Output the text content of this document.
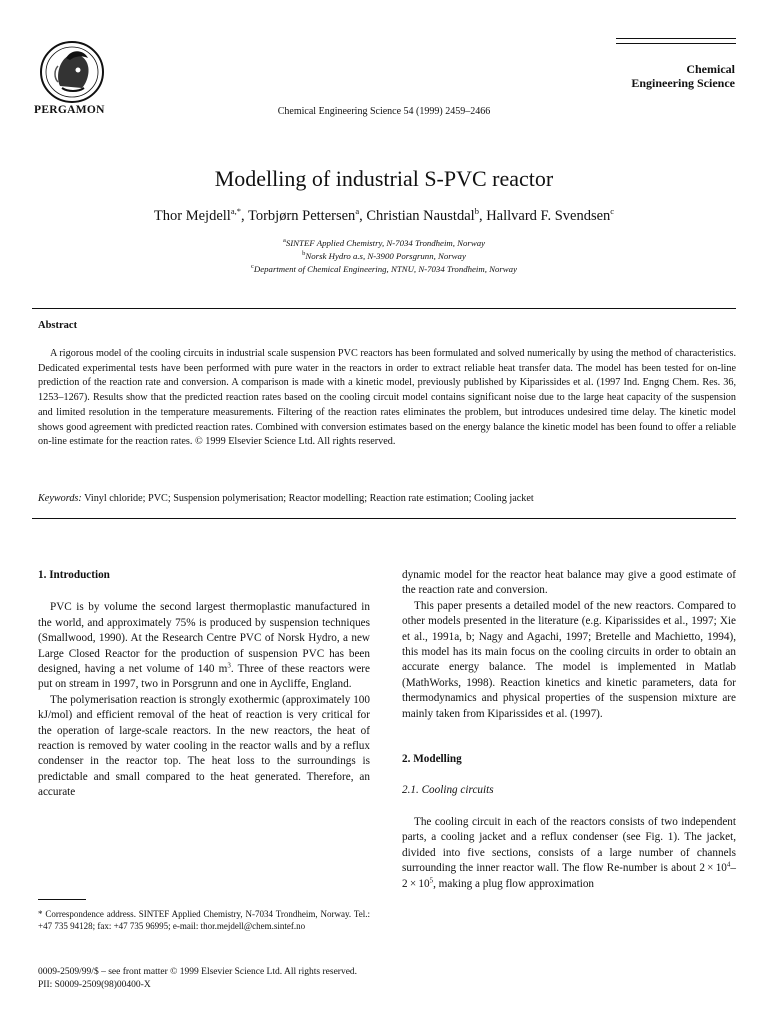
PERGAMON	Chemical Engineering Science 54 (1999) 2459–2466
Chemical
Engineering Science
Modelling of industrial S-PVC reactor
Thor Mejdell$^{a,*}$, Torbjørn Pettersen$^a$, Christian Naustdal$^b$, Hallvard F. Svendsen$^c$
$^a$SINTEF Applied Chemistry, N-7034 Trondheim, Norway
$^b$Norsk Hydro a.s, N-3900 Porsgrunn, Norway
$^c$Department of Chemical Engineering, NTNU, N-7034 Trondheim, Norway
Abstract

A rigorous model of the cooling circuits in industrial scale suspension PVC reactors has been formulated and solved numerically by using the method of characteristics. Dedicated experimental tests have been performed with pure water in the reactors in order to extract reliable heat transfer data. The model has been tested for on-line prediction of the reaction rate and conversion. A comparison is made with a kinetic model, previously published by Kiparissides et al. (1997 Ind. Engng Chem. Res. 36, 1253–1267). Results show that the predicted reaction rates based on the cooling circuit model contains significant noise due to the large heat capacity of the suspension and limited resolution in the temperature measurements. Filtering of the reaction rates eliminates the problem, but introduces undesired time delay. The kinetic model shows good agreement with predicted reaction rates. Combined with conversion estimates based on the energy balance the kinetic model has been found to offer a reliable on-line estimate for the reaction rates. © 1999 Elsevier Science Ltd. All rights reserved.

Keywords: Vinyl chloride; PVC; Suspension polymerisation; Reactor modelling; Reaction rate estimation; Cooling jacket

1. Introduction

PVC is by volume the second largest thermoplastic manufactured in the world, and approximately 75% is produced by suspension techniques (Smallwood, 1990). At the Research Centre PVC of Norsk Hydro, a new Large Closed Reactor for the production of suspension PVC has been designed, having a net volume of 140 $m^3$. Three of these reactors were put on stream in 1997, two in Porsgrunn and one in Aycliffe, England.

The polymerisation reaction is strongly exothermic (approximately 100 kJ/mol) and efficient removal of the heat of reaction is very critical for the operation of large-scale reactors. In the new reactors, the heat of reaction is removed by water cooling in the reactor walls and by a reflux condenser in the reactor top. The heat loss to the surroundings is predictable and small compared to the heat generated. Therefore, an accurate

* Correspondence address. SINTEF Applied Chemistry, N-7034 Trondheim, Norway. Tel.: +47 735 94128; fax: +47 735 96995; e-mail: thor.mejdell@chem.sintef.no

dynamic model for the reactor heat balance may give a good estimate of the reaction rate and conversion.

This paper presents a detailed model of the new reactors. Compared to other models presented in the literature (e.g. Kiparissides et al., 1997; Xie et al., 1991a, b; Nagy and Agachi, 1997; Bretelle and Machietto, 1994), this model has its main focus on the cooling circuits in order to obtain an accurate energy balance. The model is implemented in Matlab (MathWorks, 1998). Reaction kinetics and kinetic parameters, data for thermodynamics and physical properties of the suspension mixture are mainly taken from Kiparissides et al. (1997).

2. Modelling
2.1. Cooling circuits

The cooling circuit in each of the reactors consists of two independent parts, a cooling jacket and a reflux condenser (see Fig. 1). The jacket, divided into five sections, consists of a large number of channels surrounding the inner reactor wall. The flow Re-number is about $2 \times 10^4-2 \times 10^5$, making a plug flow approximation

0009-2509/99/$ – see front matter © 1999 Elsevier Science Ltd. All rights reserved.
PII: S0009-2509(98)00400-X
